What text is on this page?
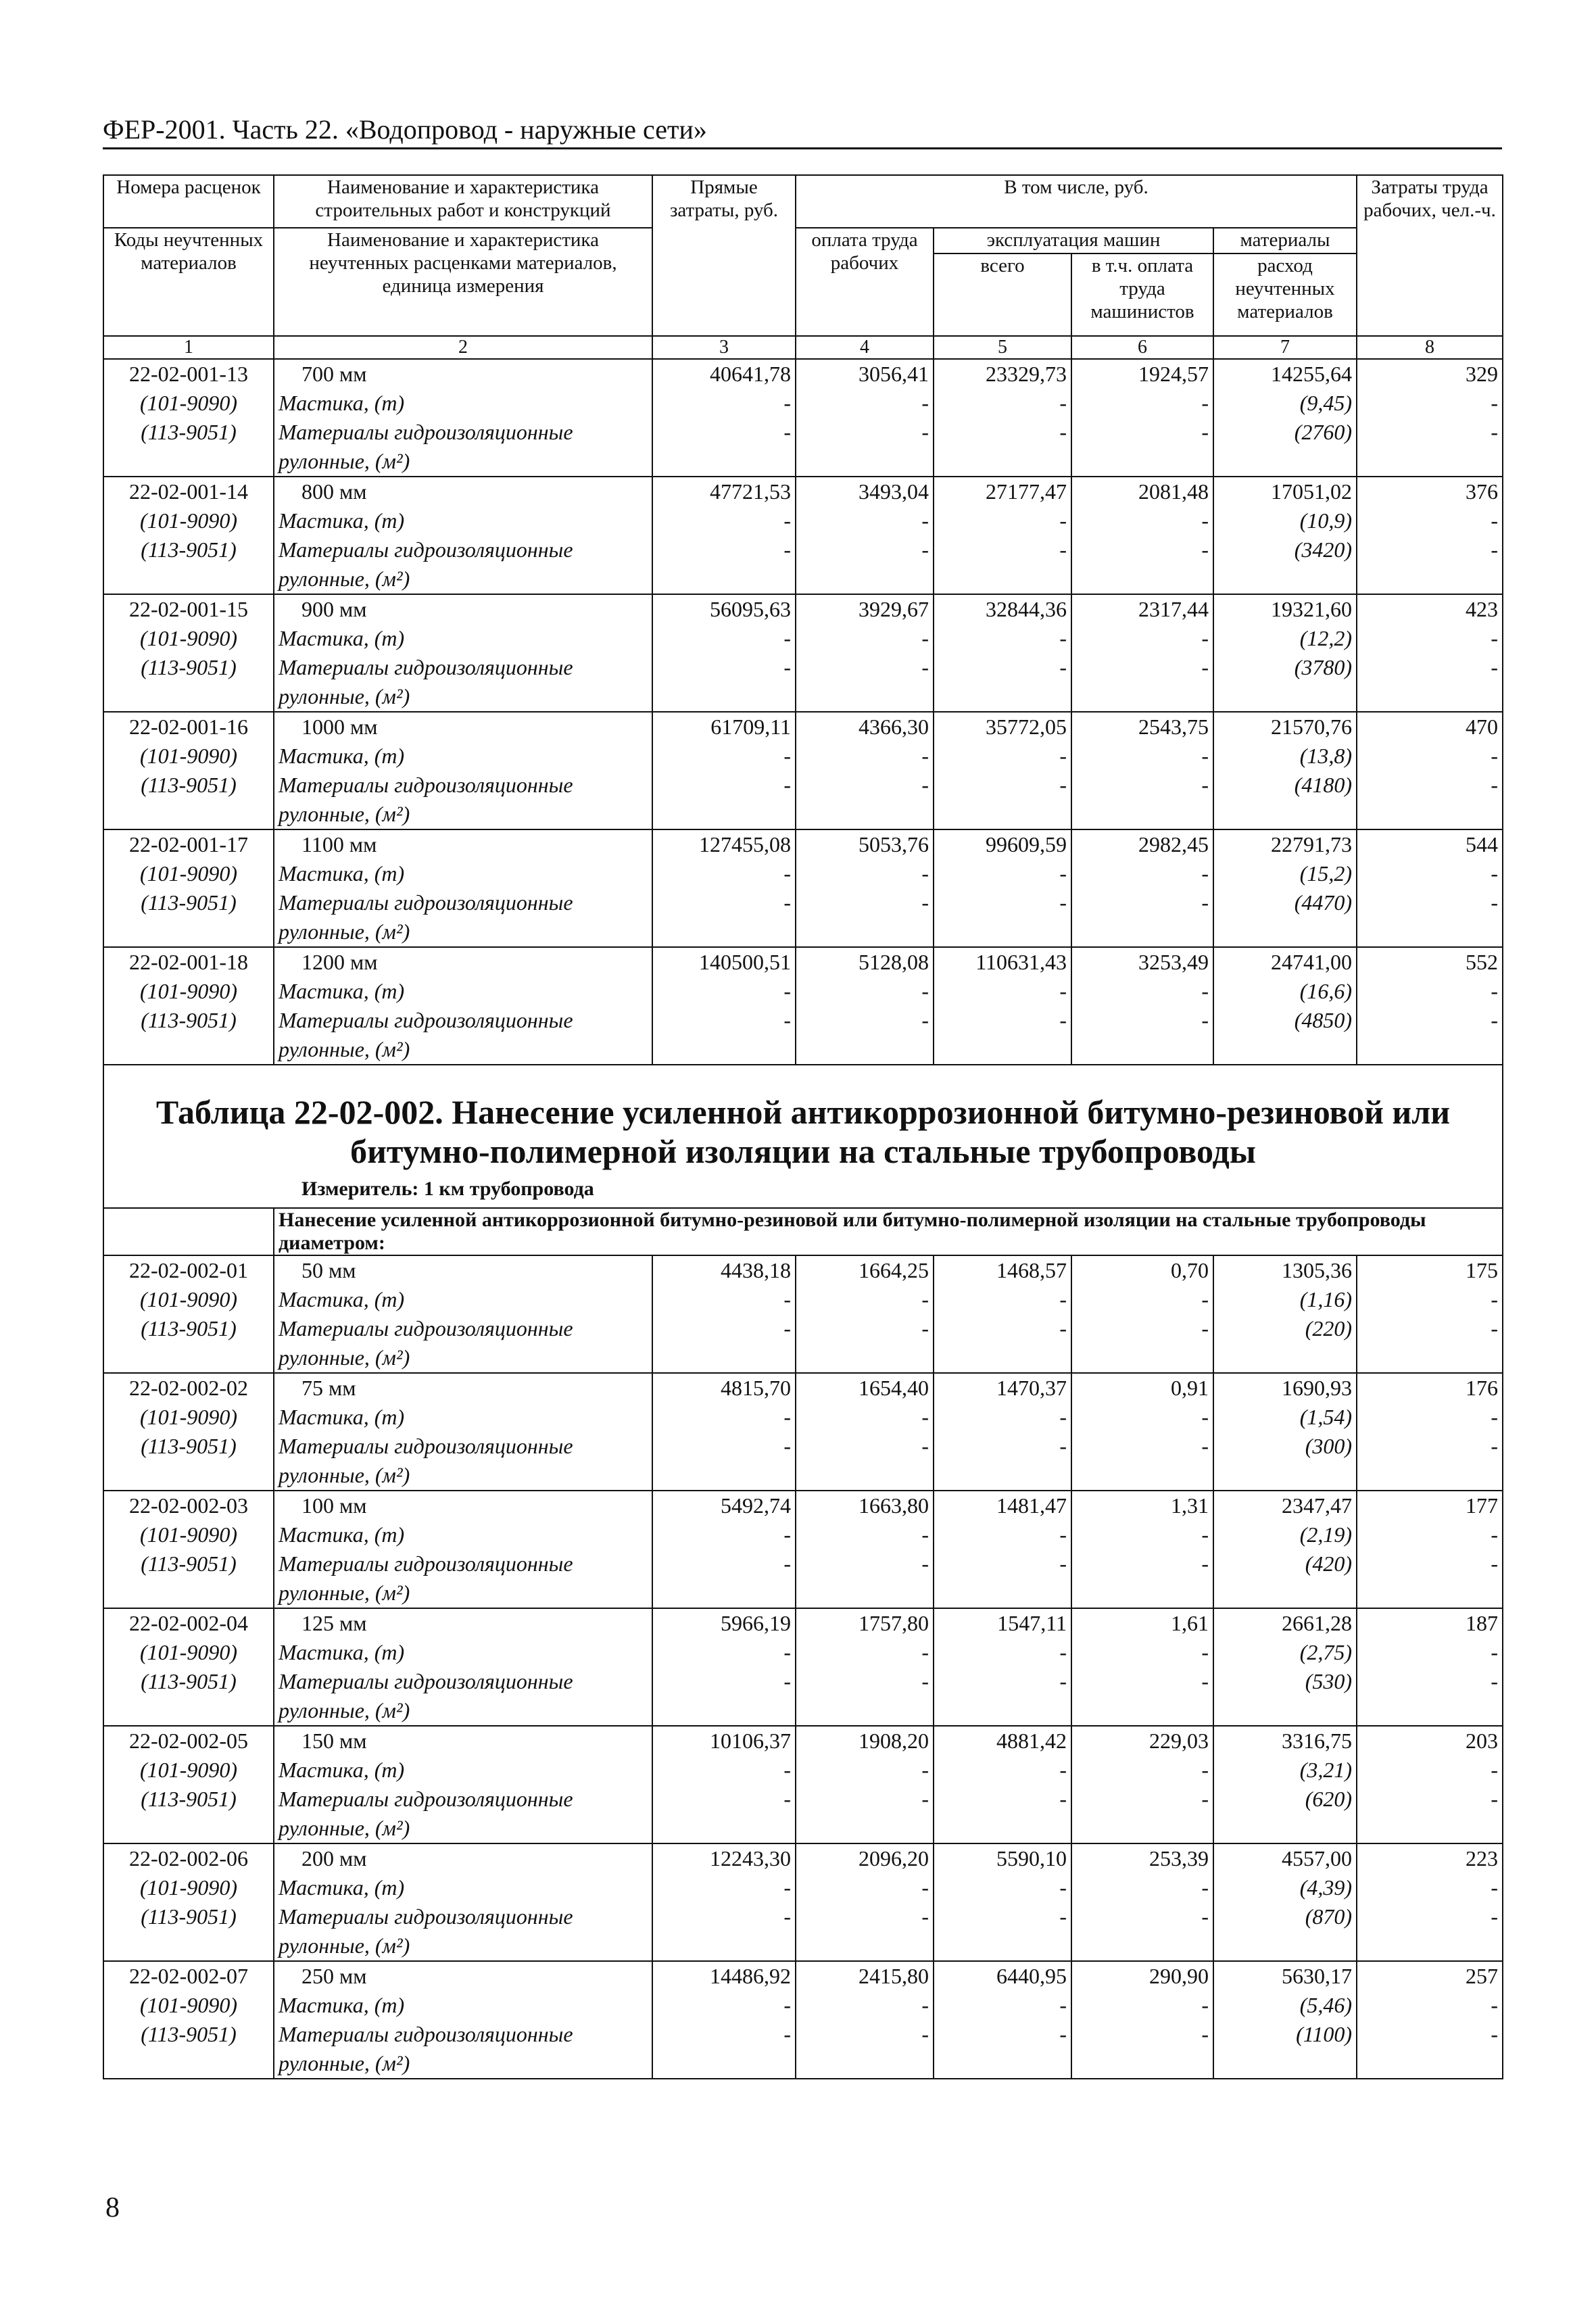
ФЕР-2001. Часть 22. «Водопровод - наружные сети»
Номера расценок	Наименование и характеристика строительных работ и конструкций	Прямые затраты, руб.	В том числе, руб.				Затраты труда рабочих, чел.-ч.
Коды неучтенных материалов	Наименование и характеристика неучтенных расценками материалов, единица измерения		оплата труда рабочих	эксплуатация машин		материалы	
				всего	в т.ч. оплата труда машинистов	расход неучтенных материалов	
1	2	3	4	5	6	7	8
22-02-001-13	700 мм	40641,78	3056,41	23329,73	1924,57	14255,64	329
(101-9090)	Мастика, (т)	-	-	-	-	(9,45)	-
(113-9051)	Материалы гидроизоляционные	-	-	-	-	(2760)	-
	рулонные, (м²)						
22-02-001-14	800 мм	47721,53	3493,04	27177,47	2081,48	17051,02	376
(101-9090)	Мастика, (т)	-	-	-	-	(10,9)	-
(113-9051)	Материалы гидроизоляционные	-	-	-	-	(3420)	-
	рулонные, (м²)						
22-02-001-15	900 мм	56095,63	3929,67	32844,36	2317,44	19321,60	423
(101-9090)	Мастика, (т)	-	-	-	-	(12,2)	-
(113-9051)	Материалы гидроизоляционные	-	-	-	-	(3780)	-
	рулонные, (м²)						
22-02-001-16	1000 мм	61709,11	4366,30	35772,05	2543,75	21570,76	470
(101-9090)	Мастика, (т)	-	-	-	-	(13,8)	-
(113-9051)	Материалы гидроизоляционные	-	-	-	-	(4180)	-
	рулонные, (м²)						
22-02-001-17	1100 мм	127455,08	5053,76	99609,59	2982,45	22791,73	544
(101-9090)	Мастика, (т)	-	-	-	-	(15,2)	-
(113-9051)	Материалы гидроизоляционные	-	-	-	-	(4470)	-
	рулонные, (м²)						
22-02-001-18	1200 мм	140500,51	5128,08	110631,43	3253,49	24741,00	552
(101-9090)	Мастика, (т)	-	-	-	-	(16,6)	-
(113-9051)	Материалы гидроизоляционные	-	-	-	-	(4850)	-
	рулонные, (м²)						

Таблица 22-02-002. Нанесение усиленной антикоррозионной битумно-резиновой или битумно-полимерной изоляции на стальные трубопроводы
Измеритель: 1 км трубопровода							

	Нанесение усиленной антикоррозионной битумно-резиновой или битумно-полимерной изоляции на стальные трубопроводы диаметром:						
22-02-002-01	50 мм	4438,18	1664,25	1468,57	0,70	1305,36	175
(101-9090)	Мастика, (т)	-	-	-	-	(1,16)	-
(113-9051)	Материалы гидроизоляционные	-	-	-	-	(220)	-
	рулонные, (м²)						
22-02-002-02	75 мм	4815,70	1654,40	1470,37	0,91	1690,93	176
(101-9090)	Мастика, (т)	-	-	-	-	(1,54)	-
(113-9051)	Материалы гидроизоляционные	-	-	-	-	(300)	-
	рулонные, (м²)						
22-02-002-03	100 мм	5492,74	1663,80	1481,47	1,31	2347,47	177
(101-9090)	Мастика, (т)	-	-	-	-	(2,19)	-
(113-9051)	Материалы гидроизоляционные	-	-	-	-	(420)	-
	рулонные, (м²)						
22-02-002-04	125 мм	5966,19	1757,80	1547,11	1,61	2661,28	187
(101-9090)	Мастика, (т)	-	-	-	-	(2,75)	-
(113-9051)	Материалы гидроизоляционные	-	-	-	-	(530)	-
	рулонные, (м²)						
22-02-002-05	150 мм	10106,37	1908,20	4881,42	229,03	3316,75	203
(101-9090)	Мастика, (т)	-	-	-	-	(3,21)	-
(113-9051)	Материалы гидроизоляционные	-	-	-	-	(620)	-
	рулонные, (м²)						
22-02-002-06	200 мм	12243,30	2096,20	5590,10	253,39	4557,00	223
(101-9090)	Мастика, (т)	-	-	-	-	(4,39)	-
(113-9051)	Материалы гидроизоляционные	-	-	-	-	(870)	-
	рулонные, (м²)						
22-02-002-07	250 мм	14486,92	2415,80	6440,95	290,90	5630,17	257
(101-9090)	Мастика, (т)	-	-	-	-	(5,46)	-
(113-9051)	Материалы гидроизоляционные	-	-	-	-	(1100)	-
	рулонные, (м²)						
8
